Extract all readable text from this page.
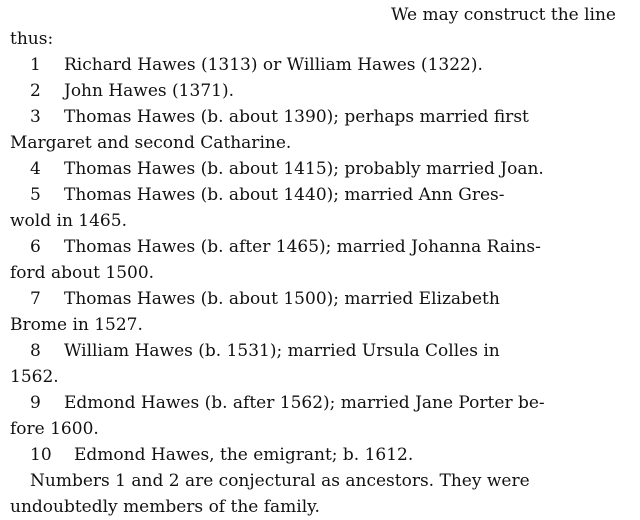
We may construct the line
thus:
1 Richard Hawes (1313) or William Hawes (1322).
2 John Hawes (1371).
3 Thomas Hawes (b. about 1390); perhaps married first
Margaret and second Catharine.
4 Thomas Hawes (b. about 1415); probably married Joan.
5 Thomas Hawes (b. about 1440); married Ann Gres-
wold in 1465.
6 Thomas Hawes (b. after 1465); married Johanna Rains-
ford about 1500.
7 Thomas Hawes (b. about 1500); married Elizabeth
Brome in 1527.
8 William Hawes (b. 1531); married Ursula Colles in
1562.
9 Edmond Hawes (b. after 1562); married Jane Porter be-
fore 1600.
10 Edmond Hawes, the emigrant; b. 1612.
Numbers 1 and 2 are conjectural as ancestors. They were
undoubtedly members of the family.
